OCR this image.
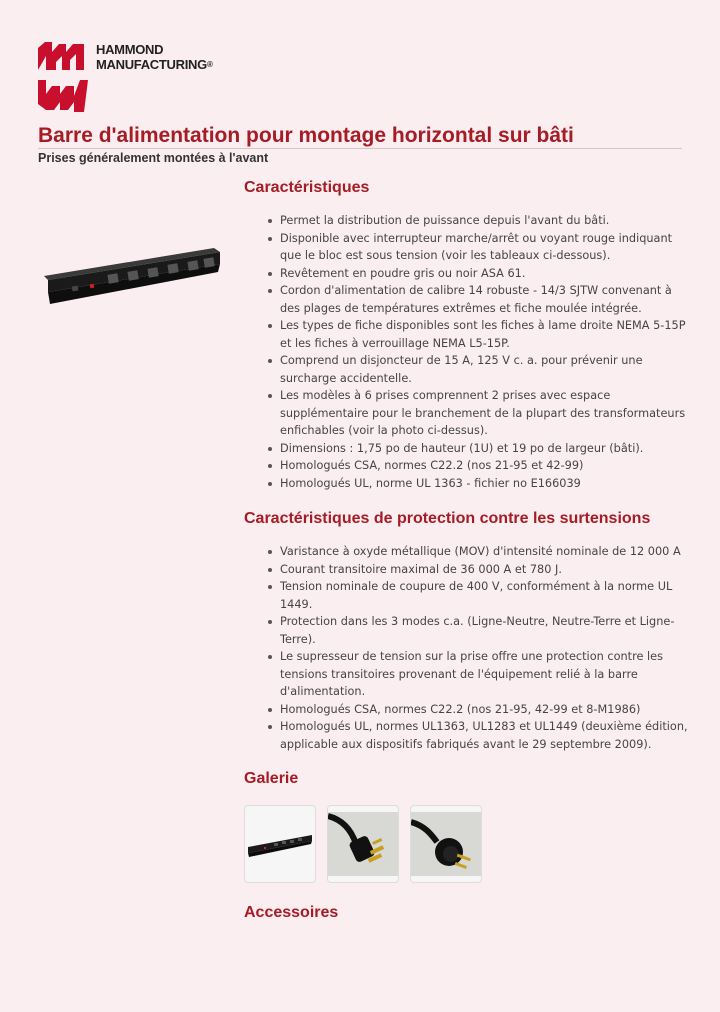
HAMMOND
MANUFACTURING®
Barre d'alimentation pour montage horizontal sur bâti
Prises généralement montées à l'avant
Caractéristiques
Permet la distribution de puissance depuis l'avant du bâti.
Disponible avec interrupteur marche/arrêt ou voyant rouge indiquant que le bloc est sous tension (voir les tableaux ci-dessous).
Revêtement en poudre gris ou noir ASA 61.
Cordon d'alimentation de calibre 14 robuste - 14/3 SJTW convenant à des plages de températures extrêmes et fiche moulée intégrée.
Les types de fiche disponibles sont les fiches à lame droite NEMA 5-15P et les fiches à verrouillage NEMA L5-15P.
Comprend un disjoncteur de 15 A, 125 V c. a. pour prévenir une surcharge accidentelle.
Les modèles à 6 prises comprennent 2 prises avec espace supplémentaire pour le branchement de la plupart des transformateurs enfichables (voir la photo ci-dessus).
Dimensions : 1,75 po de hauteur (1U) et 19 po de largeur (bâti).
Homologués CSA, normes C22.2 (nos 21-95 et 42-99)
Homologués UL, norme UL 1363 - fichier no E166039
Caractéristiques de protection contre les surtensions
Varistance à oxyde métallique (MOV) d'intensité nominale de 12 000 A
Courant transitoire maximal de 36 000 A et 780 J.
Tension nominale de coupure de 400 V, conformément à la norme UL 1449.
Protection dans les 3 modes c.a. (Ligne-Neutre, Neutre-Terre et Ligne-Terre).
Le supresseur de tension sur la prise offre une protection contre les tensions transitoires provenant de l'équipement relié à la barre d'alimentation.
Homologués CSA, normes C22.2 (nos 21-95, 42-99 et 8-M1986)
Homologués UL, normes UL1363, UL1283 et UL1449 (deuxième édition, applicable aux dispositifs fabriqués avant le 29 septembre 2009).
Galerie
Accessoires
